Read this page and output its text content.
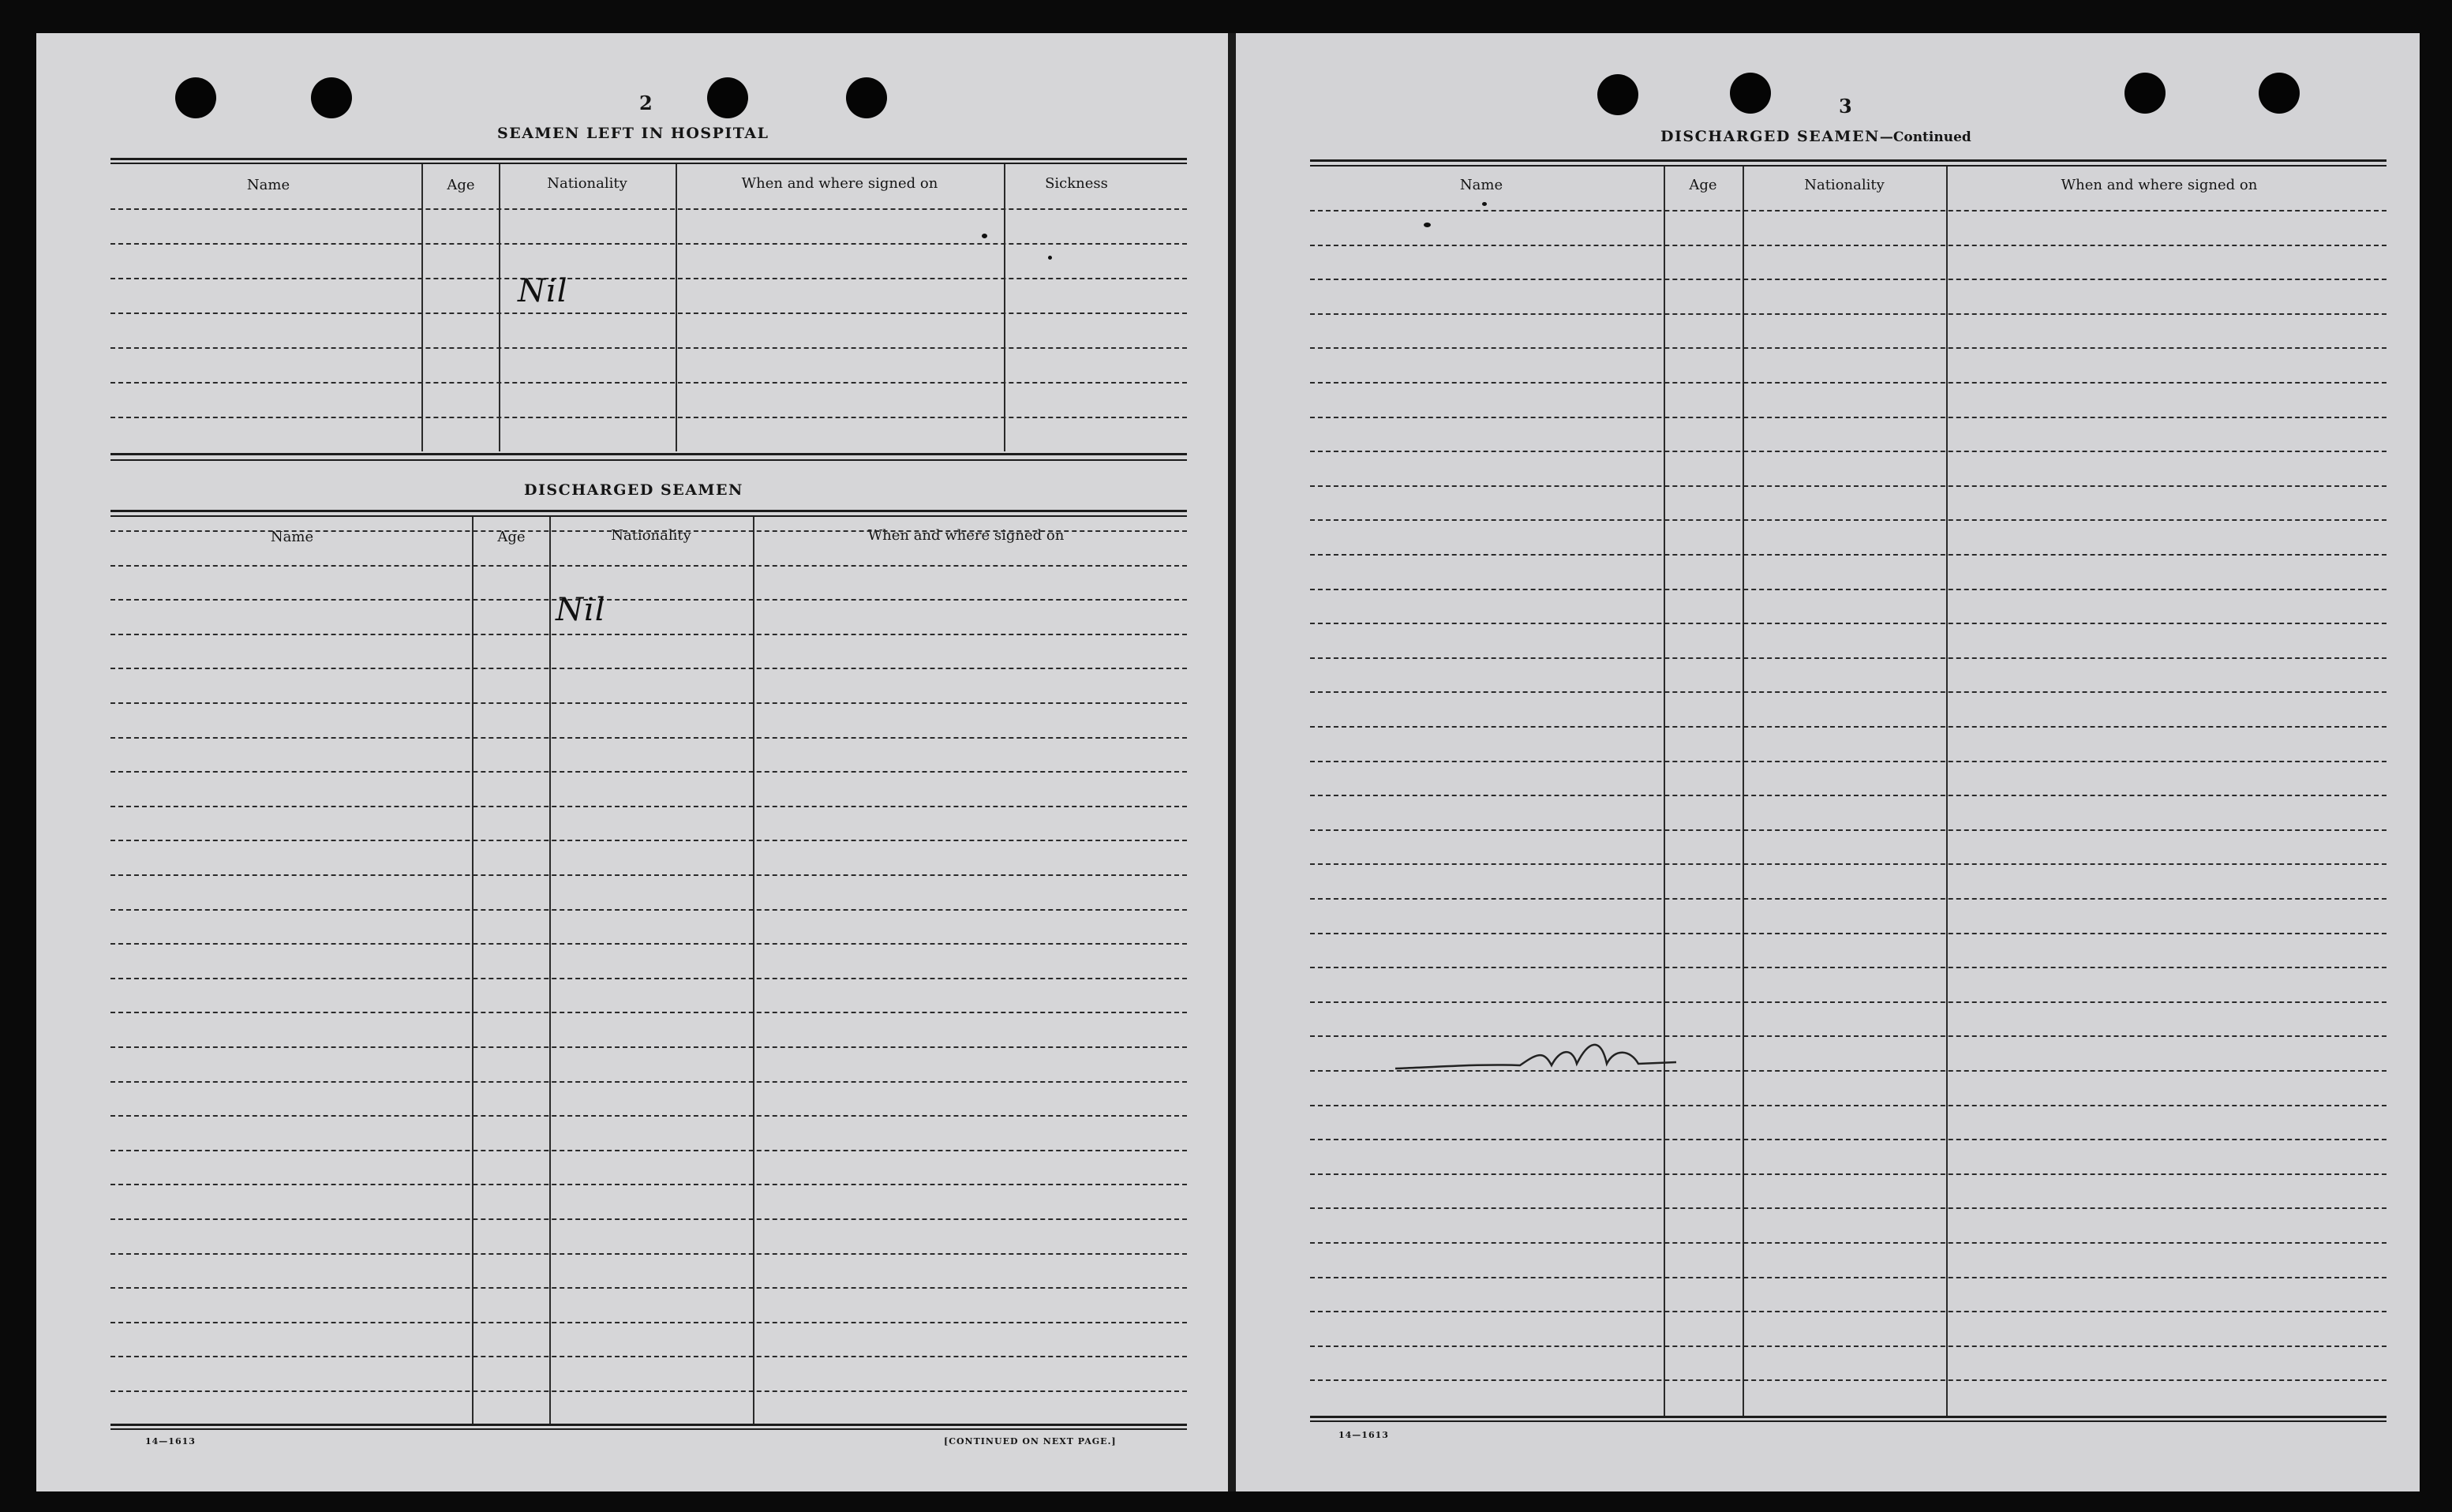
2
SEAMEN LEFT IN HOSPITAL
Name	Age	Nationality	When and where signed on	Sickness
Nil
DISCHARGED SEAMEN
Name	Age	Nationality	When and where signed on
Nil
14—1613	[CONTINUED ON NEXT PAGE.]
3
DISCHARGED SEAMEN—Continued
Name	Age	Nationality	When and where signed on
14—1613
